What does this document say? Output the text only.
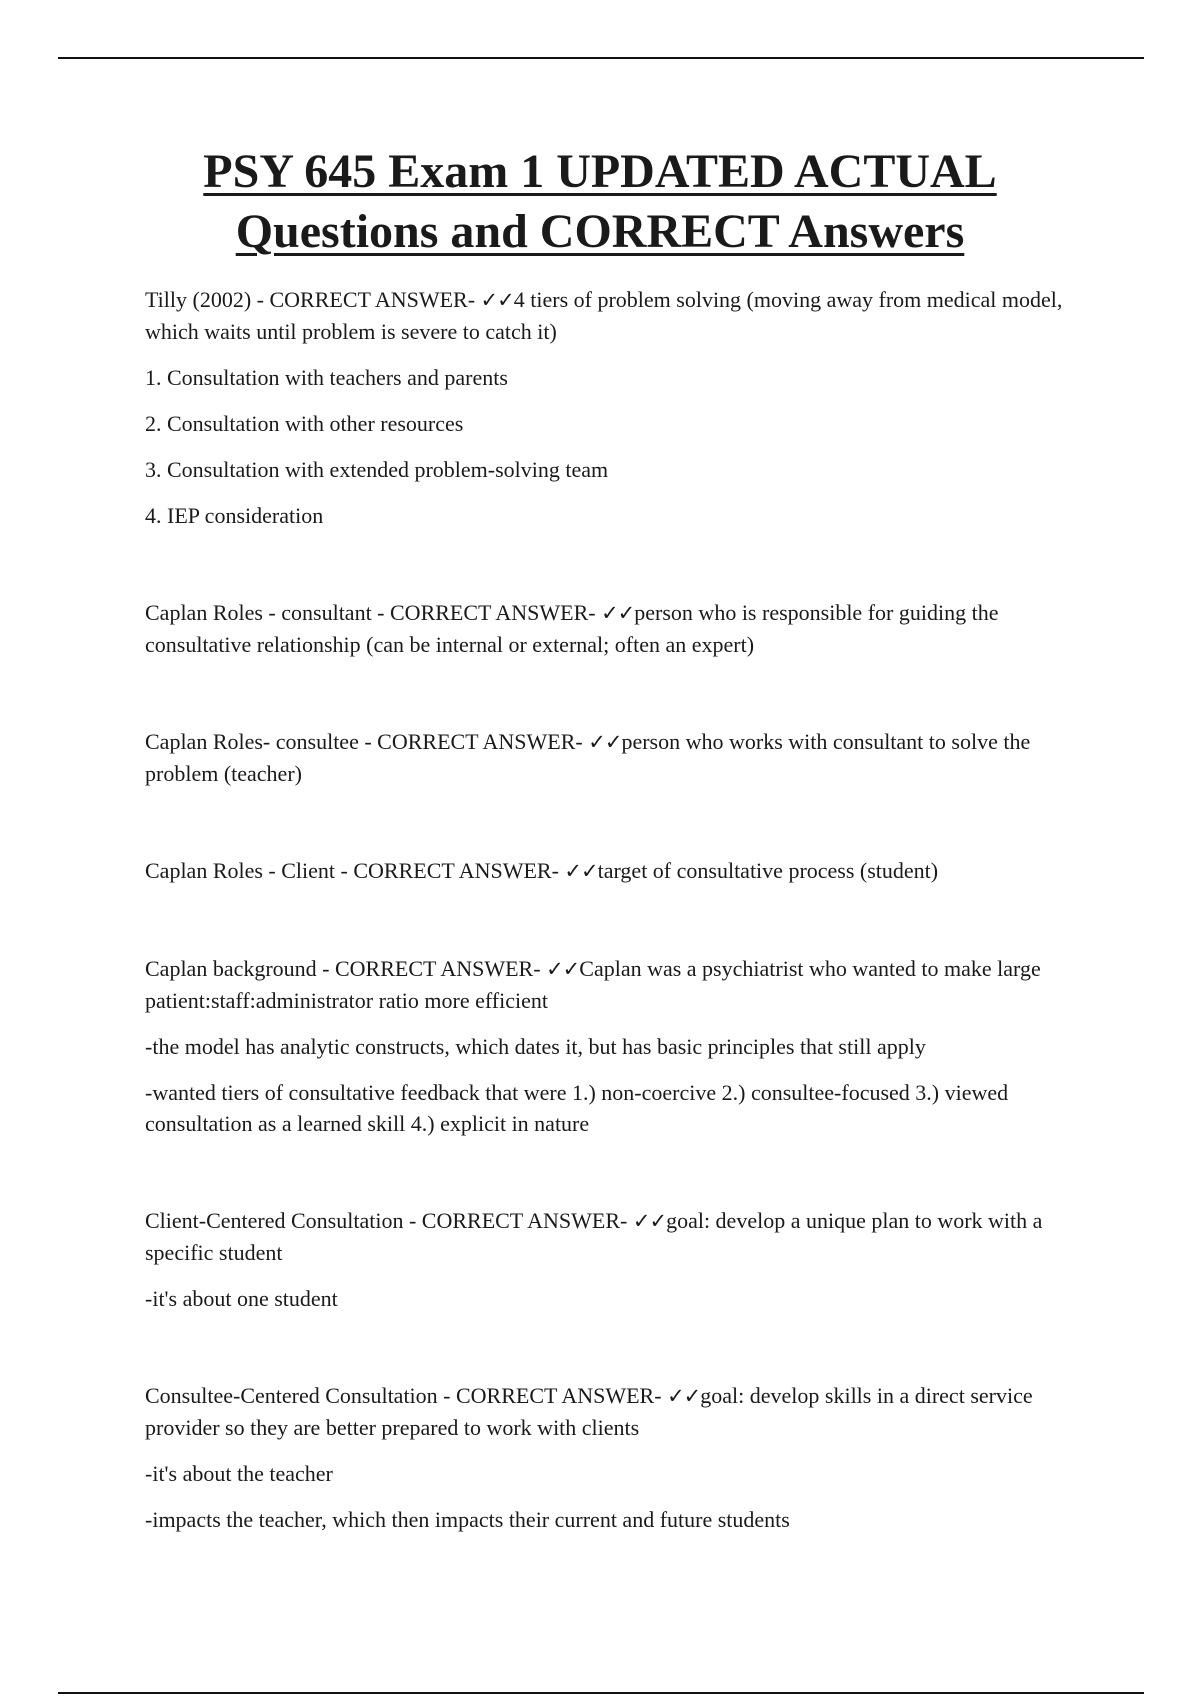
PSY 645 Exam 1 UPDATED ACTUAL
Questions and CORRECT Answers

Tilly (2002) - CORRECT ANSWER- ✓✓4 tiers of problem solving (moving away from medical model, which waits until problem is severe to catch it)

1. Consultation with teachers and parents

2. Consultation with other resources

3. Consultation with extended problem-solving team

4. IEP consideration

Caplan Roles - consultant - CORRECT ANSWER- ✓✓person who is responsible for guiding the consultative relationship (can be internal or external; often an expert)

Caplan Roles- consultee - CORRECT ANSWER- ✓✓person who works with consultant to solve the problem (teacher)

Caplan Roles - Client - CORRECT ANSWER- ✓✓target of consultative process (student)

Caplan background - CORRECT ANSWER- ✓✓Caplan was a psychiatrist who wanted to make large patient:staff:administrator ratio more efficient

-the model has analytic constructs, which dates it, but has basic principles that still apply

-wanted tiers of consultative feedback that were 1.) non-coercive 2.) consultee-focused 3.) viewed consultation as a learned skill 4.) explicit in nature

Client-Centered Consultation - CORRECT ANSWER- ✓✓goal: develop a unique plan to work with a specific student

-it's about one student

Consultee-Centered Consultation - CORRECT ANSWER- ✓✓goal: develop skills in a direct service provider so they are better prepared to work with clients

-it's about the teacher

-impacts the teacher, which then impacts their current and future students
